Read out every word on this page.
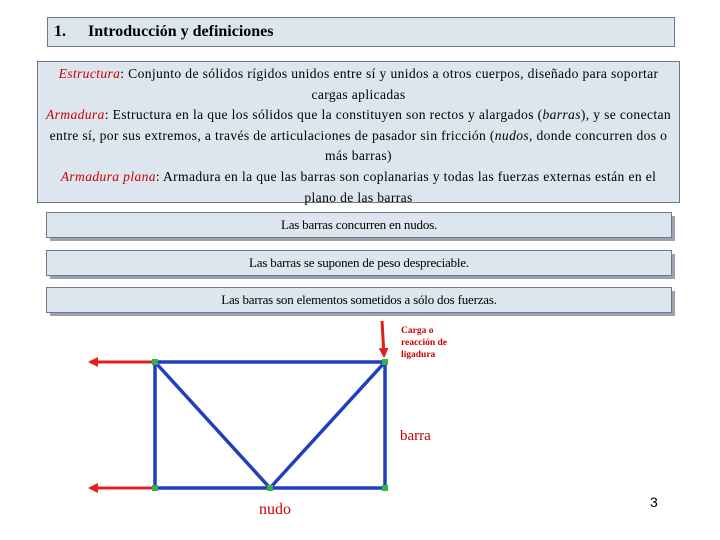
1.	Introducción y definiciones
Estructura: Conjunto de sólidos rígidos unidos entre sí y unidos a otros cuerpos, diseñado para soportar cargas aplicadas
Armadura: Estructura en la que los sólidos que la constituyen son rectos y alargados (barras), y se conectan entre sí, por sus extremos, a través de articulaciones de pasador sin fricción (nudos, donde concurren dos o más barras)
Armadura plana: Armadura en la que las barras son coplanarias y todas las fuerzas externas están en el plano de las barras
Las barras concurren en nudos.
Las barras se suponen de peso despreciable.
Las barras son elementos sometidos a sólo dos fuerzas.
Carga o
reacción de
ligadura
barra
nudo	3
